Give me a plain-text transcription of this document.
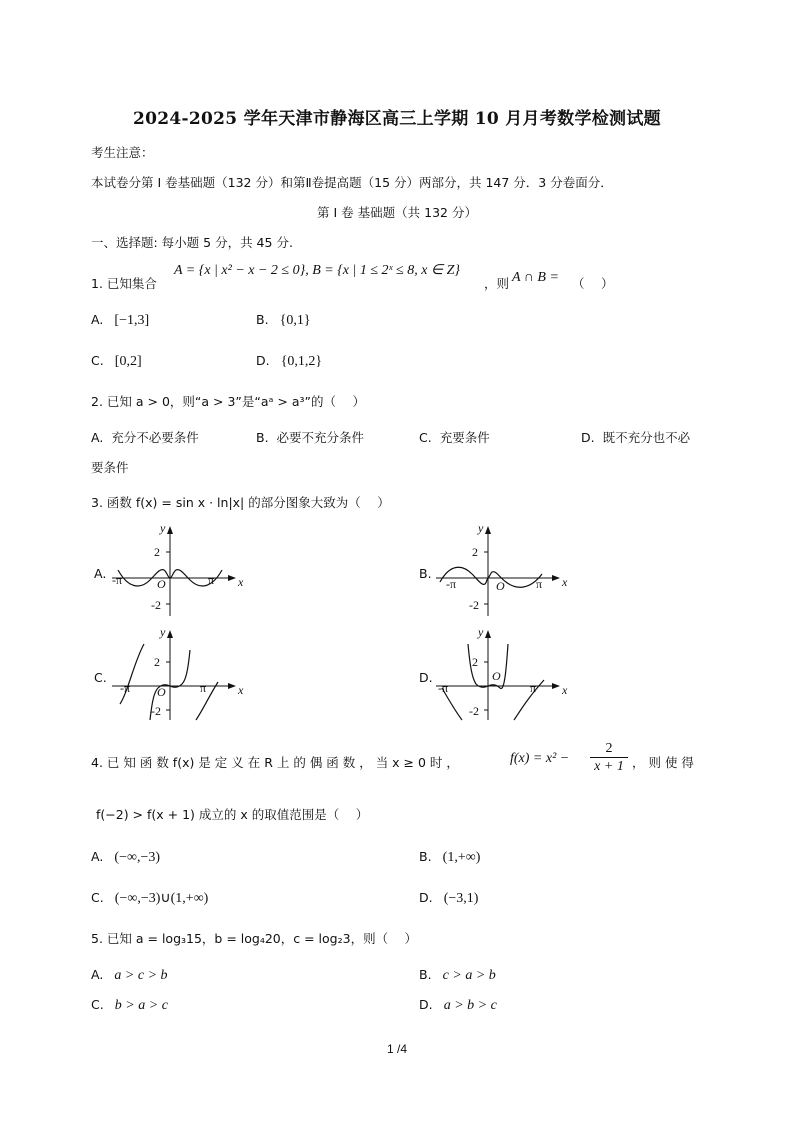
2024-2025 学年天津市静海区高三上学期 10 月月考数学检测试题
考生注意：
本试卷分第 I 卷基础题（132 分）和第Ⅱ卷提高题（15 分）两部分，共 147 分．3 分卷面分．
第 I 卷 基础题（共 132 分）
一、选择题: 每小题 5 分，共 45 分.
1. 已知集合
A = {x | x² − x − 2 ≤ 0}, B = {x | 1 ≤ 2ˣ ≤ 8, x ∈ Z}
，则 A ∩ B = （　 ）
A. [−1,3]	B. {0,1}
C. [0,2]	D. {0,1,2}
2. 已知 a > 0，则“a > 3”是“aᵃ > a³”的（　 ）
A. 充分不必要条件	B. 必要不充分条件	C. 充要条件	D. 既不充分也不必
要条件
3. 函数 f(x) = sin x · ln|x| 的部分图象大致为（　 ）
A.
y
x
O
2
-2
-π	π	B.
y
x
O
2
-2
-π	π
C.
y
x
O
2
-2
-π	π
D.
y
x
O
2
-2
-π	π
4. 已 知 函 数 f(x) 是 定 义 在 R 上 的 偶 函 数 ， 当 x ≥ 0 时 ，	f(x) = x² −
2
x + 1 ， 则 使 得
f(−2) > f(x + 1) 成立的 x 的取值范围是（　 ）
A. (−∞,−3)	B. (1,+∞)
C. (−∞,−3)∪(1,+∞)	D. (−3,1)
5. 已知 a = log₃15，b = log₄20，c = log₂3，则（　 ）
A. a > c > b	B. c > a > b
C. b > a > c	D. a > b > c
1 /4
